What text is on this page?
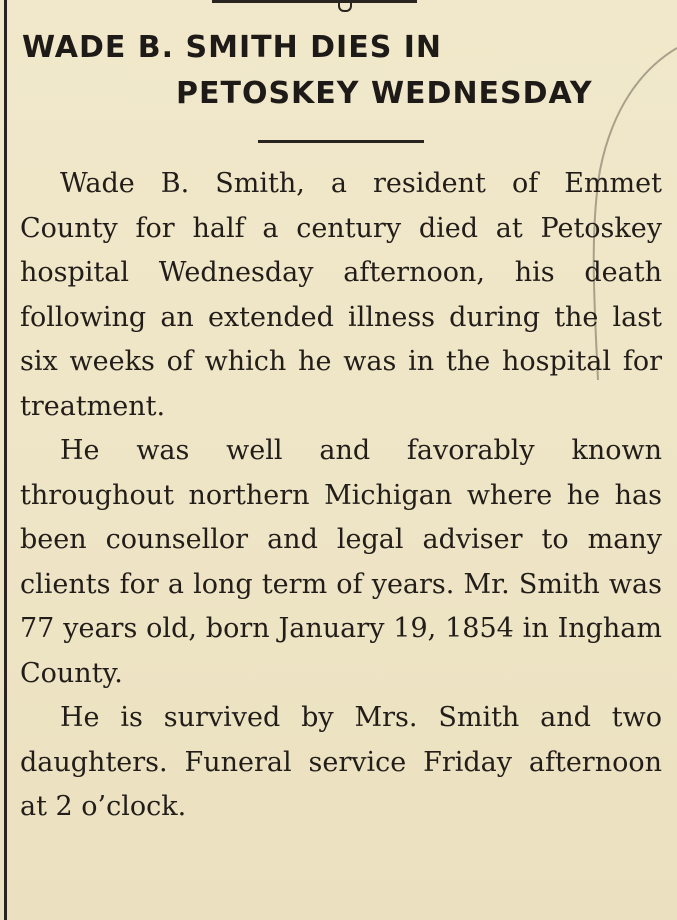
WADE B. SMITH DIES IN
PETOSKEY WEDNESDAY

Wade B. Smith, a resident of Emmet County for half a century died at Petoskey hospital Wednesday afternoon, his death following an extended illness during the last six weeks of which he was in the hospital for treatment.

He was well and favorably known throughout northern Michigan where he has been counsellor and legal adviser to many clients for a long term of years. Mr. Smith was 77 years old, born January 19, 1854 in Ingham County.

He is survived by Mrs. Smith and two daughters. Funeral service Friday afternoon at 2 o’clock.
